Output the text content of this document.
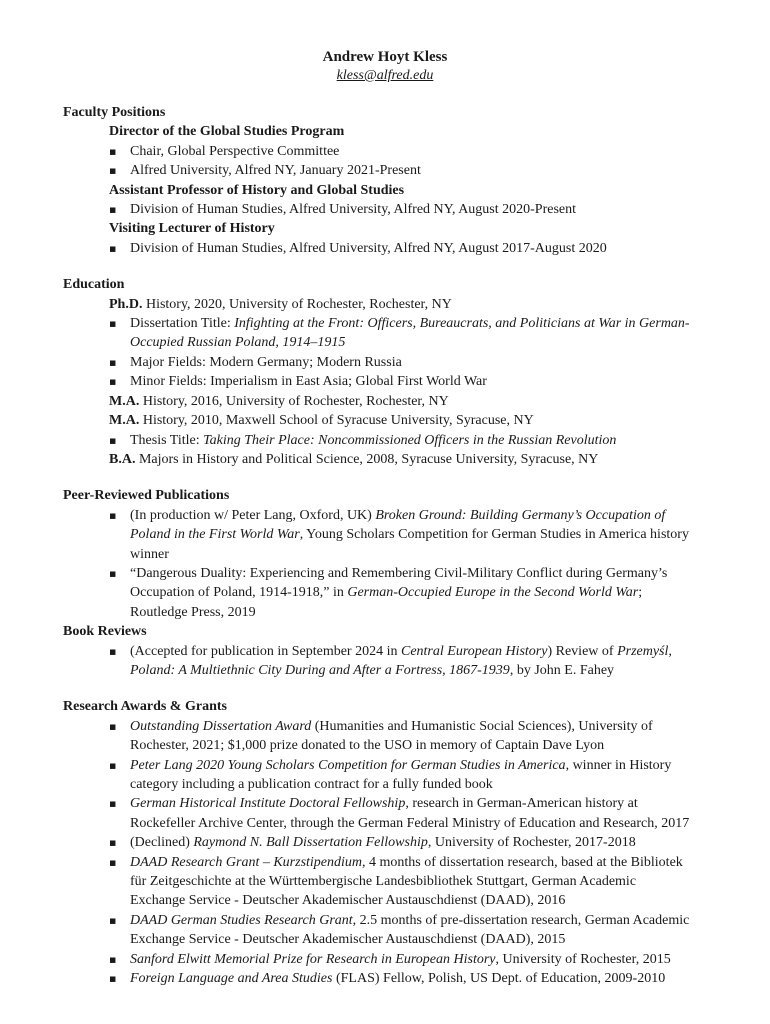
Andrew Hoyt Kless
kless@alfred.edu
Faculty Positions
Director of the Global Studies Program
▪ Chair, Global Perspective Committee
▪ Alfred University, Alfred NY, January 2021-Present
Assistant Professor of History and Global Studies
▪ Division of Human Studies, Alfred University, Alfred NY, August 2020-Present
Visiting Lecturer of History
▪ Division of Human Studies, Alfred University, Alfred NY, August 2017-August 2020
Education
Ph.D. History, 2020, University of Rochester, Rochester, NY
▪ Dissertation Title: Infighting at the Front: Officers, Bureaucrats, and Politicians at War in German-Occupied Russian Poland, 1914–1915
▪ Major Fields: Modern Germany; Modern Russia
▪ Minor Fields: Imperialism in East Asia; Global First World War
M.A. History, 2016, University of Rochester, Rochester, NY
M.A. History, 2010, Maxwell School of Syracuse University, Syracuse, NY
▪ Thesis Title: Taking Their Place: Noncommissioned Officers in the Russian Revolution
B.A. Majors in History and Political Science, 2008, Syracuse University, Syracuse, NY
Peer-Reviewed Publications
▪ (In production w/ Peter Lang, Oxford, UK) Broken Ground: Building Germany’s Occupation of Poland in the First World War, Young Scholars Competition for German Studies in America history winner
▪ “Dangerous Duality: Experiencing and Remembering Civil-Military Conflict during Germany’s Occupation of Poland, 1914-1918,” in German-Occupied Europe in the Second World War; Routledge Press, 2019
Book Reviews
▪ (Accepted for publication in September 2024 in Central European History) Review of Przemyśl, Poland: A Multiethnic City During and After a Fortress, 1867-1939, by John E. Fahey
Research Awards & Grants
▪ Outstanding Dissertation Award (Humanities and Humanistic Social Sciences), University of Rochester, 2021; $1,000 prize donated to the USO in memory of Captain Dave Lyon
▪ Peter Lang 2020 Young Scholars Competition for German Studies in America, winner in History category including a publication contract for a fully funded book
▪ German Historical Institute Doctoral Fellowship, research in German-American history at Rockefeller Archive Center, through the German Federal Ministry of Education and Research, 2017
▪ (Declined) Raymond N. Ball Dissertation Fellowship, University of Rochester, 2017-2018
▪ DAAD Research Grant – Kurzstipendium, 4 months of dissertation research, based at the Bibliotek für Zeitgeschichte at the Württembergische Landesbibliothek Stuttgart, German Academic Exchange Service - Deutscher Akademischer Austauschdienst (DAAD), 2016
▪ DAAD German Studies Research Grant, 2.5 months of pre-dissertation research, German Academic Exchange Service - Deutscher Akademischer Austauschdienst (DAAD), 2015
▪ Sanford Elwitt Memorial Prize for Research in European History, University of Rochester, 2015
▪ Foreign Language and Area Studies (FLAS) Fellow, Polish, US Dept. of Education, 2009-2010
